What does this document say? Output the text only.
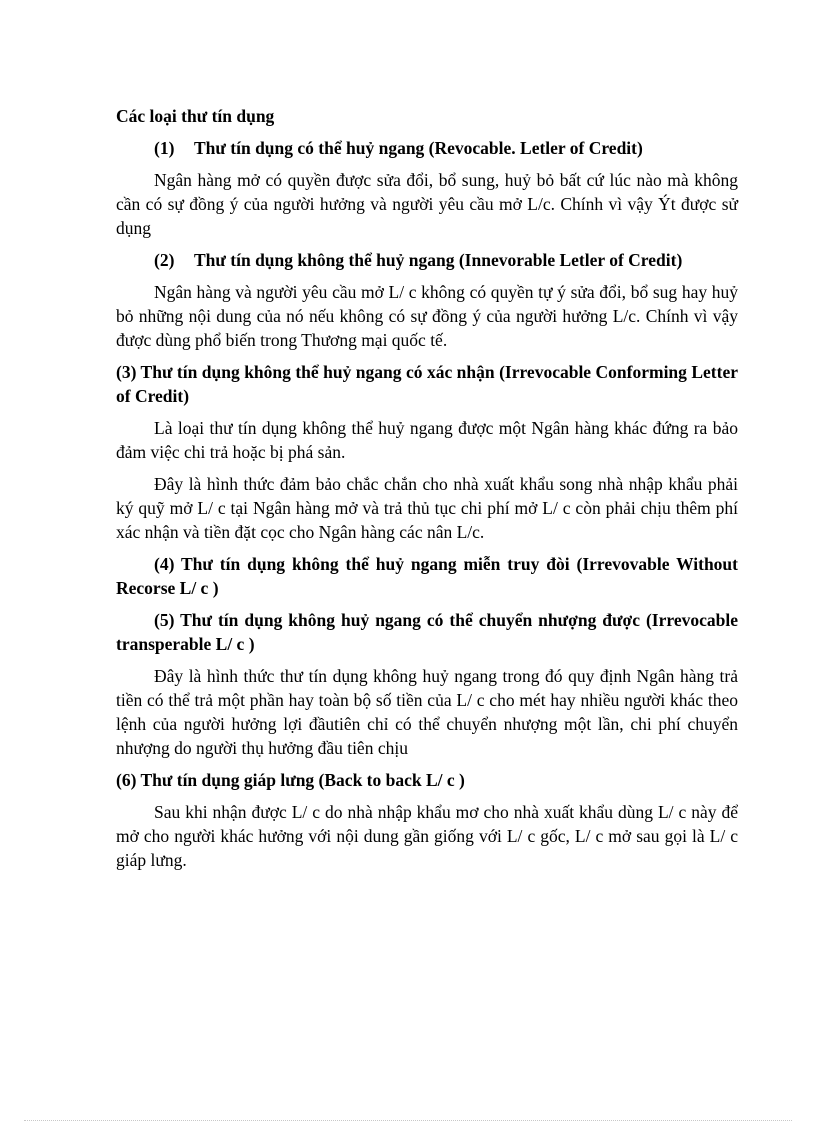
Các loại thư tín dụng

(1) Thư tín dụng có thể huỷ ngang (Revocable. Letler of Credit)

Ngân hàng mở có quyền được sửa đổi, bổ sung, huỷ bỏ bất cứ lúc nào mà không cần có sự đồng ý của người hưởng và người yêu cầu mở L/c. Chính vì vậy Ýt được sử dụng

(2) Thư tín dụng không thể huỷ ngang (Innevorable Letler of Credit)

Ngân hàng và người yêu cầu mở L/ c không có quyền tự ý sửa đổi, bổ sug hay huỷ bỏ những nội dung của nó nếu không có sự đồng ý của người hưởng L/c. Chính vì vậy được dùng phổ biến trong Thương mại quốc tế.

(3) Thư tín dụng không thể huỷ ngang có xác nhận (Irrevocable Conforming Letter of Credit)

Là loại thư tín dụng không thể huỷ ngang được một Ngân hàng khác đứng ra bảo đảm việc chi trả hoặc bị phá sản.

Đây là hình thức đảm bảo chắc chắn cho nhà xuất khẩu song nhà nhập khẩu phải ký quỹ mở L/ c tại Ngân hàng mở và trả thủ tục chi phí mở L/ c còn phải chịu thêm phí xác nhận và tiền đặt cọc cho Ngân hàng các nân L/c.

(4) Thư tín dụng không thể huỷ ngang miễn truy đòi (Irrevovable Without Recorse L/ c )

(5) Thư tín dụng không huỷ ngang có thể chuyển nhượng được (Irrevocable transperable L/ c )

Đây là hình thức thư tín dụng không huỷ ngang trong đó quy định Ngân hàng trả tiền có thể trả một phần hay toàn bộ số tiền của L/ c cho mét hay nhiều người khác theo lệnh của người hưởng lợi đầutiên chỉ có thể chuyển nhượng một lần, chi phí chuyển nhượng do người thụ hưởng đầu tiên chịu

(6) Thư tín dụng giáp lưng (Back to back L/ c )

Sau khi nhận được L/ c do nhà nhập khẩu mơ cho nhà xuất khẩu dùng L/ c này để mở cho người khác hưởng với nội dung gần giống với L/ c gốc, L/ c mở sau gọi là L/ c giáp lưng.
